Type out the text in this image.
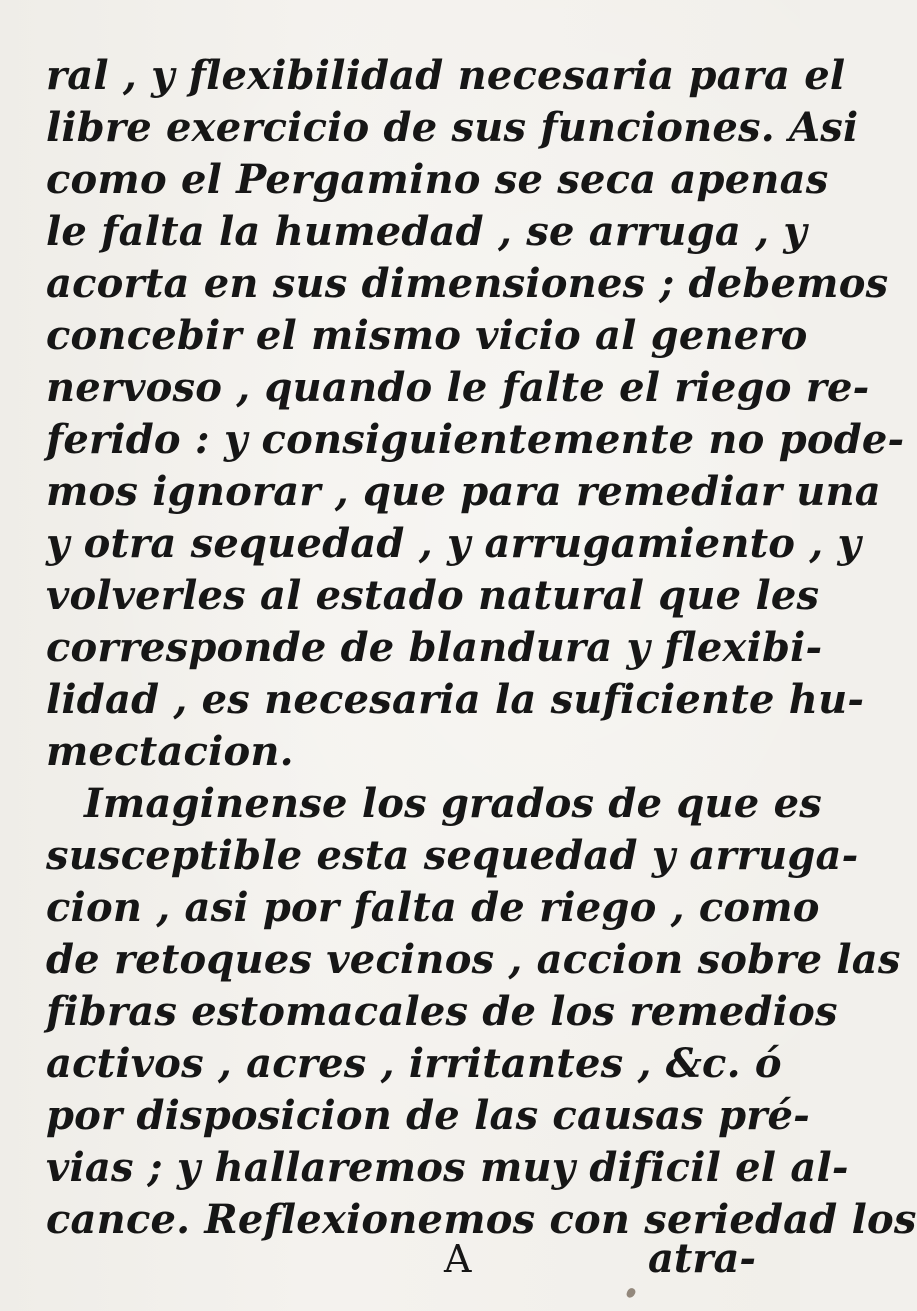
ral , y flexibilidad necesaria para el

libre exercicio de sus funciones. Asi

como el Pergamino se seca apenas

le falta la humedad , se arruga , y

acorta en sus dimensiones ; debemos

concebir el mismo vicio al genero

nervoso , quando le falte el riego re-

ferido : y consiguientemente no pode-

mos ignorar , que para remediar una

y otra sequedad , y arrugamiento , y

volverles al estado natural que les

corresponde de blandura y flexibi-

lidad , es necesaria la suficiente hu-

mectacion.

Imaginense los grados de que es

susceptible esta sequedad y arruga-

cion , asi por falta de riego , como

de retoques vecinos , accion sobre las

fibras estomacales de los remedios

activos , acres , irritantes , &c. ó

por disposicion de las causas pré-

vias ; y hallaremos muy dificil el al-

cance. Reflexionemos con seriedad los

A	atra-
